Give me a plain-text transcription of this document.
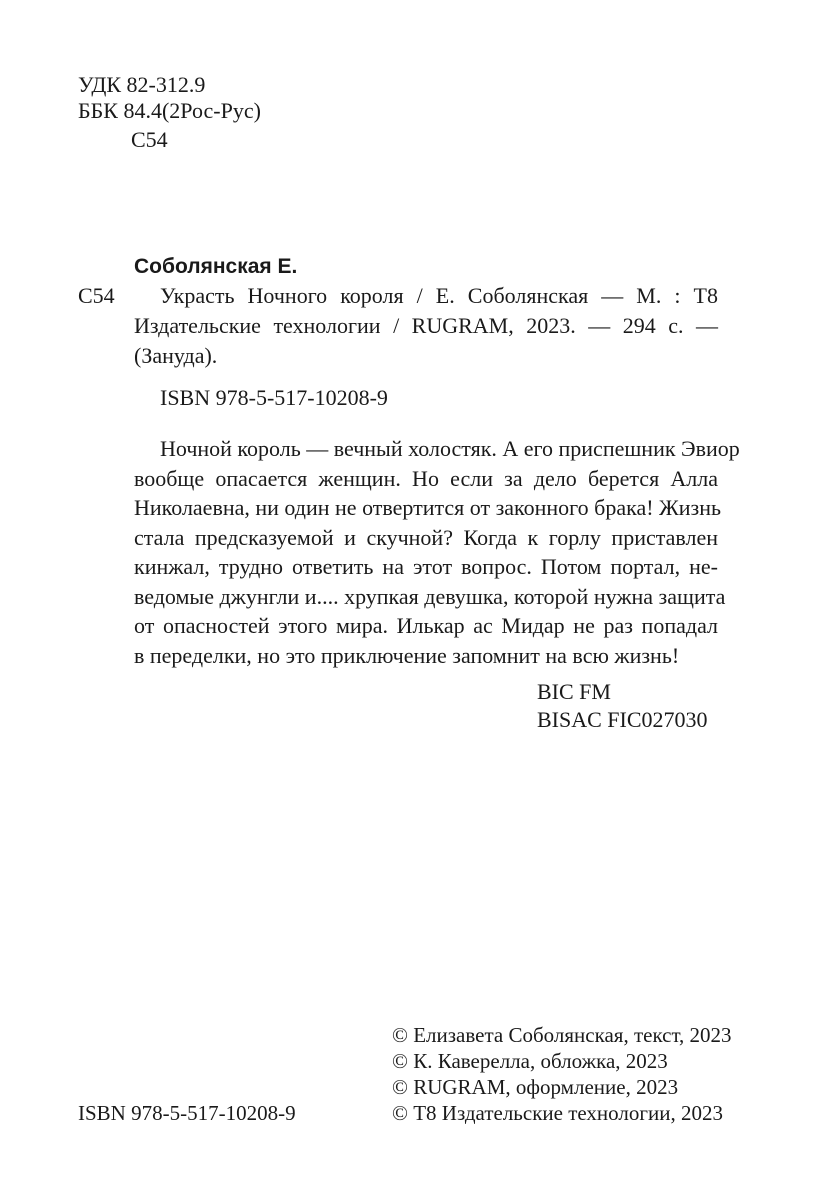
УДК 82-312.9
ББК 84.4(2Рос-Рус)
С54
Соболянская Е.
С54	Украсть Ночного короля / Е. Соболянская — М. : Т8
Издательские технологии / RUGRAM, 2023. — 294 с. —
(Зануда).
ISBN 978-5-517-10208-9
Ночной король — вечный холостяк. А его приспешник Эвиор
вообще опасается женщин. Но если за дело берется Алла
Николаевна, ни один не отвертится от законного брака! Жизнь
стала предсказуемой и скучной? Когда к горлу приставлен
кинжал, трудно ответить на этот вопрос. Потом портал, не-
ведомые джунгли и.... хрупкая девушка, которой нужна защита
от опасностей этого мира. Илькар ас Мидар не раз попадал
в переделки, но это приключение запомнит на всю жизнь!
BIC FM
BISAC FIC027030
© Елизавета Соболянская, текст, 2023
© К. Каверелла, обложка, 2023
© RUGRAM, оформление, 2023
ISBN 978-5-517-10208-9	© Т8 Издательские технологии, 2023
